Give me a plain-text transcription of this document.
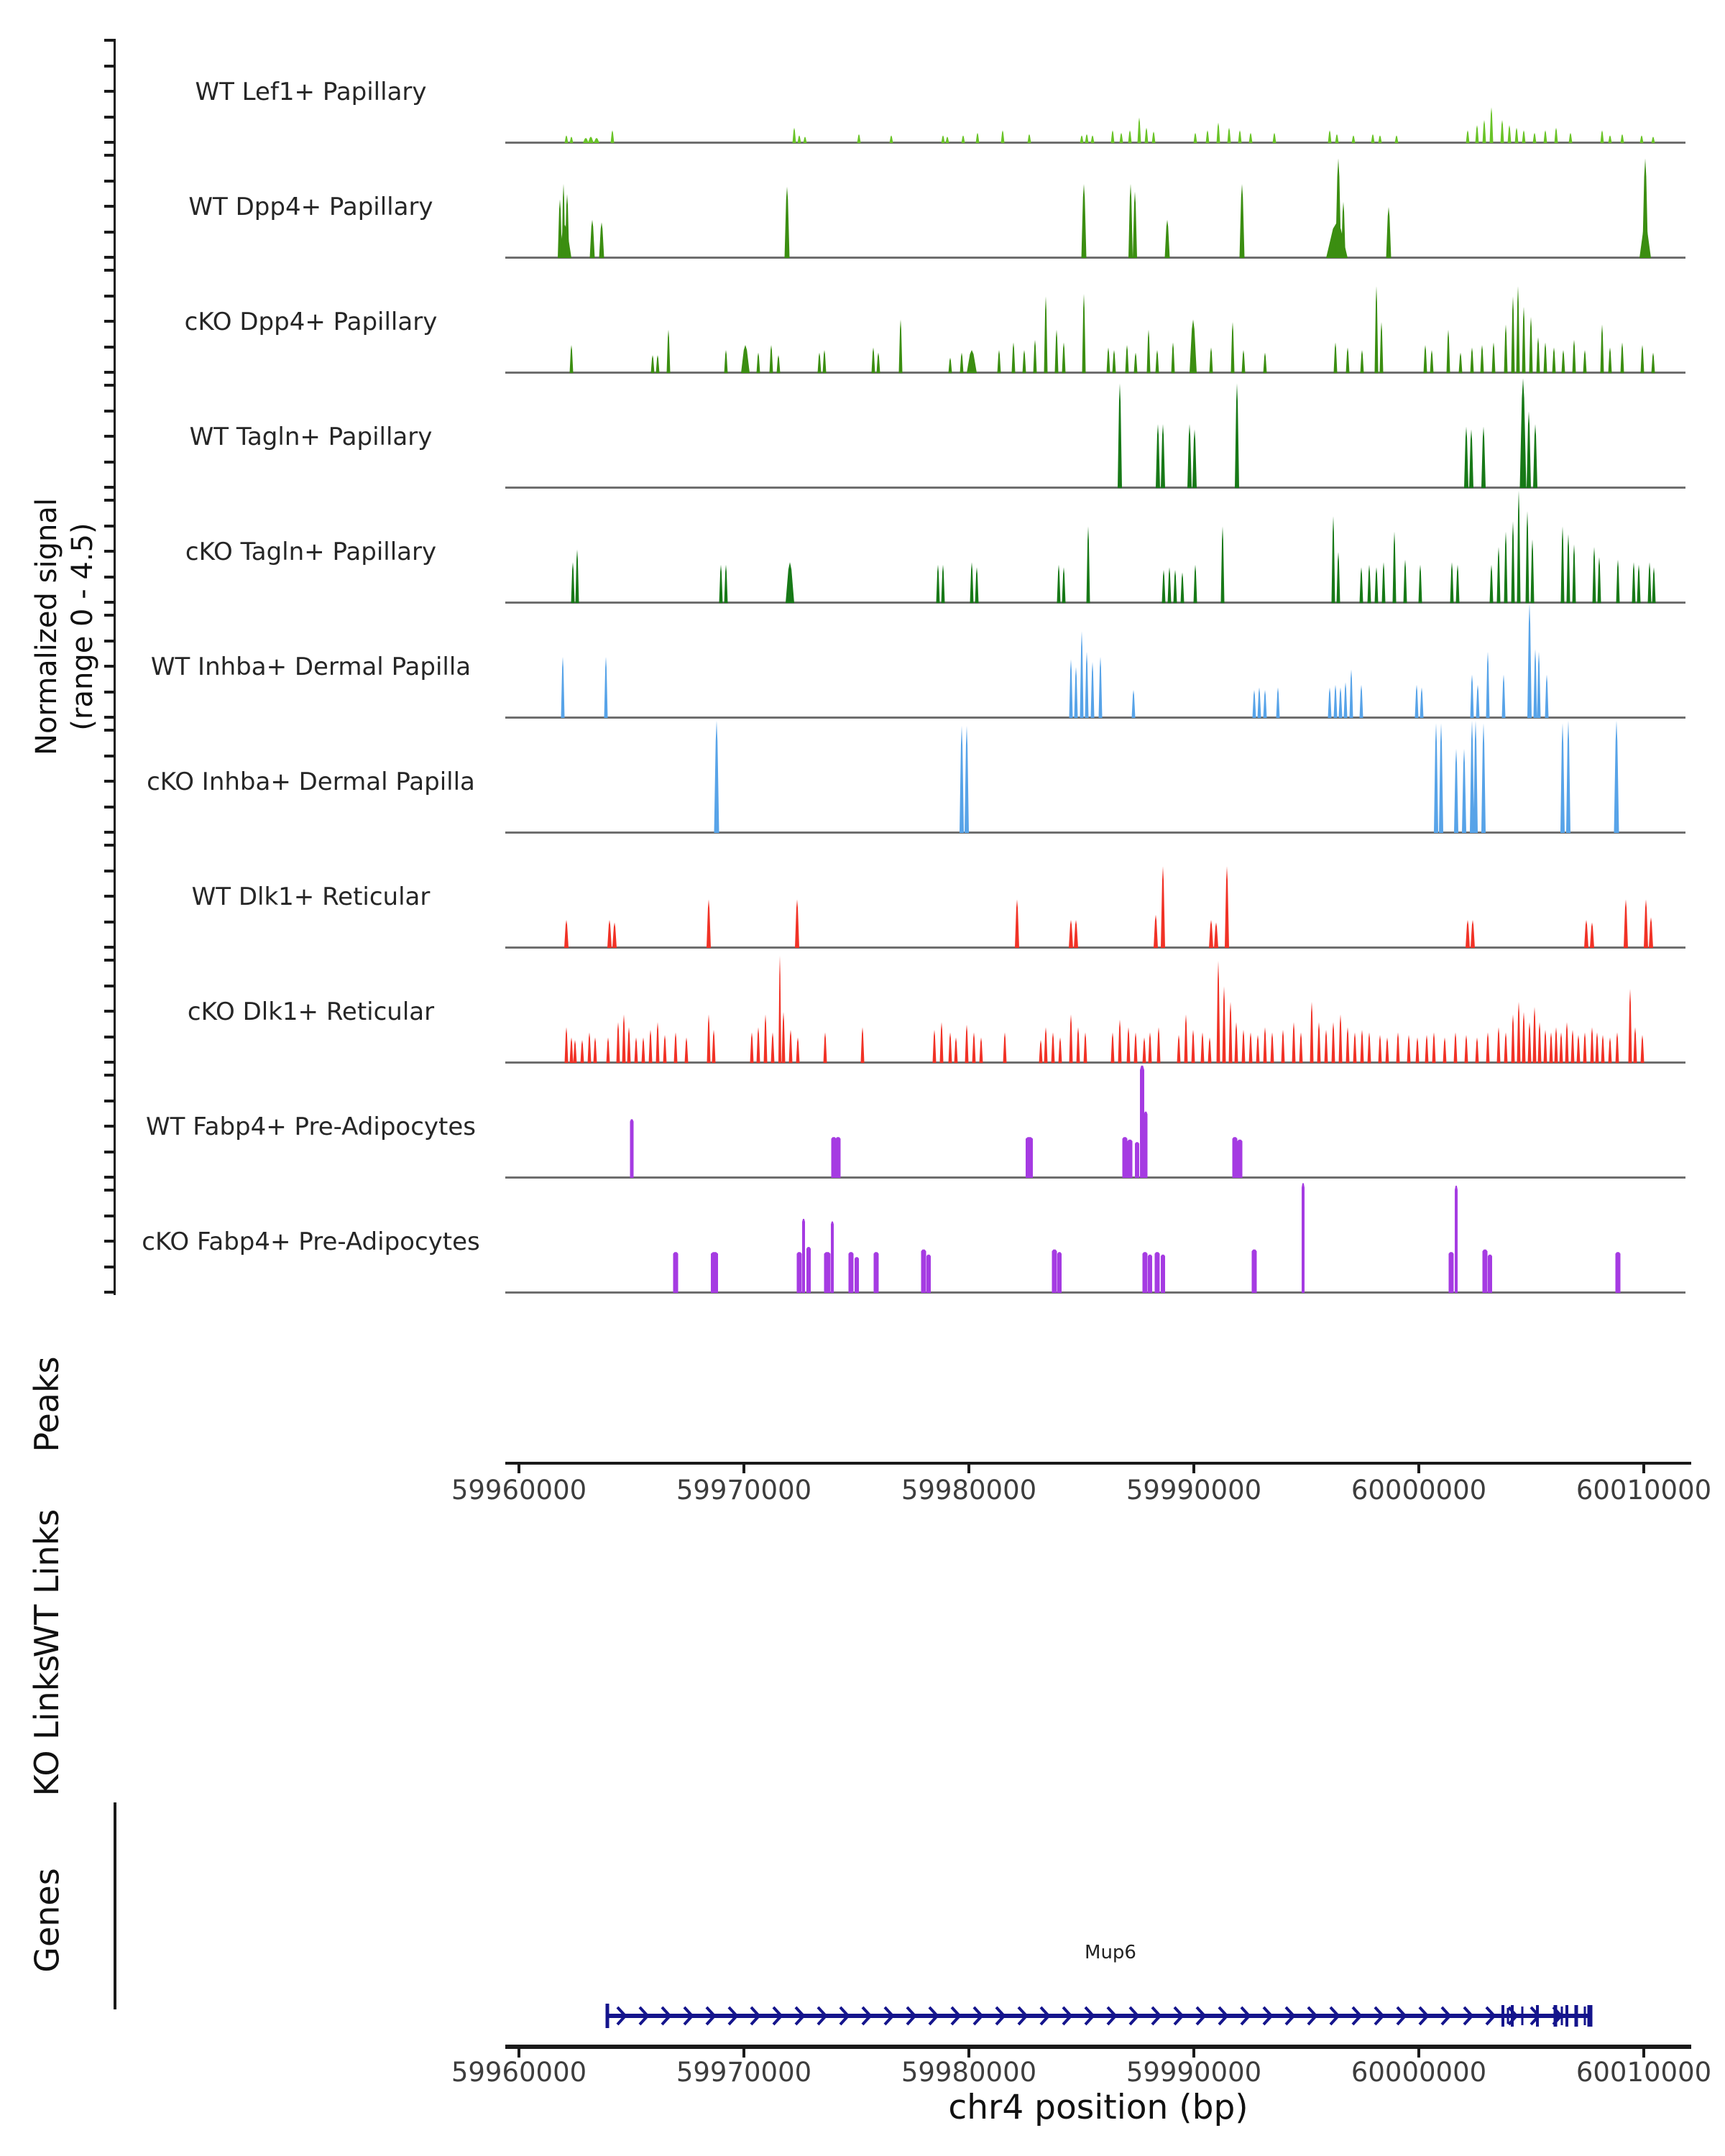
Normalized signal (range 0 - 4.5)
WT Lef1+ Papillary
WT Dpp4+ Papillary
cKO Dpp4+ Papillary
WT Tagln+ Papillary
cKO Tagln+ Papillary
WT Inhba+ Dermal Papilla
cKO Inhba+ Dermal Papilla
WT Dlk1+ Reticular
cKO Dlk1+ Reticular
WT Fabp4+ Pre-Adipocytes
cKO Fabp4+ Pre-Adipocytes
Peaks
WT Links
KO Links
Genes
59960000	59970000	59980000	59990000	60000000	60010000
Mup6
59960000	59970000	59980000	59990000	60000000	60010000
chr4 position (bp)
